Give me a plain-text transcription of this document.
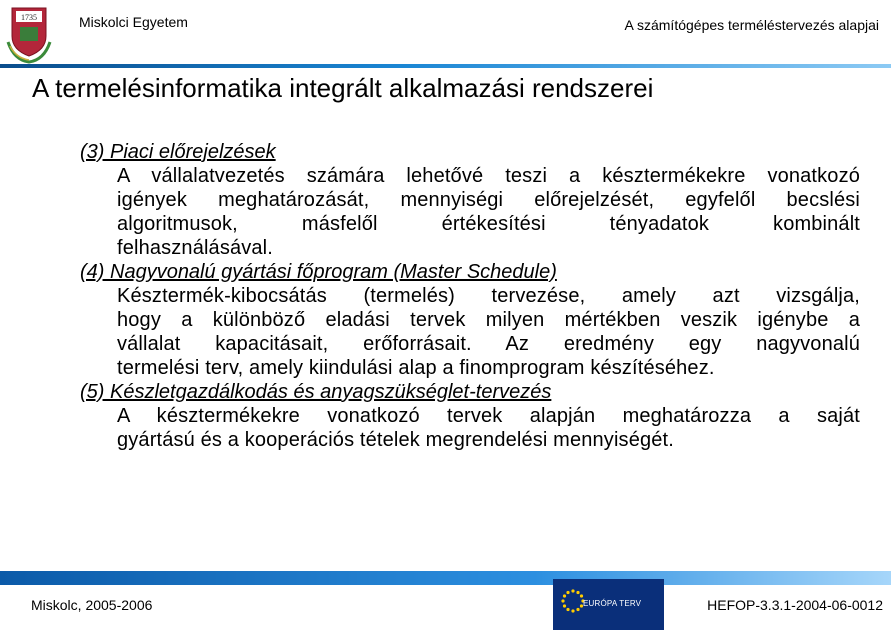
1735	Miskolci Egyetem	A számítógépes terméléstervezés alapjai
A termelésinformatika integrált alkalmazási rendszerei

(3) Piaci előrejelzések

A vállalatvezetés számára lehetővé teszi a késztermékekre vonatkozó
igények meghatározását, mennyiségi előrejelzését, egyfelől becslési
algoritmusok, másfelől értékesítési tényadatok kombinált
felhasználásával.

(4) Nagyvonalú gyártási főprogram (Master Schedule)

Késztermék-kibocsátás (termelés) tervezése, amely azt vizsgálja,
hogy a különböző eladási tervek milyen mértékben veszik igénybe a
vállalat kapacitásait, erőforrásait. Az eredmény egy nagyvonalú
termelési terv, amely kiindulási alap a finomprogram készítéséhez.

(5) Készletgazdálkodás és anyagszükséglet-tervezés

A késztermékekre vonatkozó tervek alapján meghatározza a saját
gyártású és a kooperációs tételek megrendelési mennyiségét.

Miskolc, 2005-2006	EURÓPA TERV	HEFOP-3.3.1-2004-06-0012
